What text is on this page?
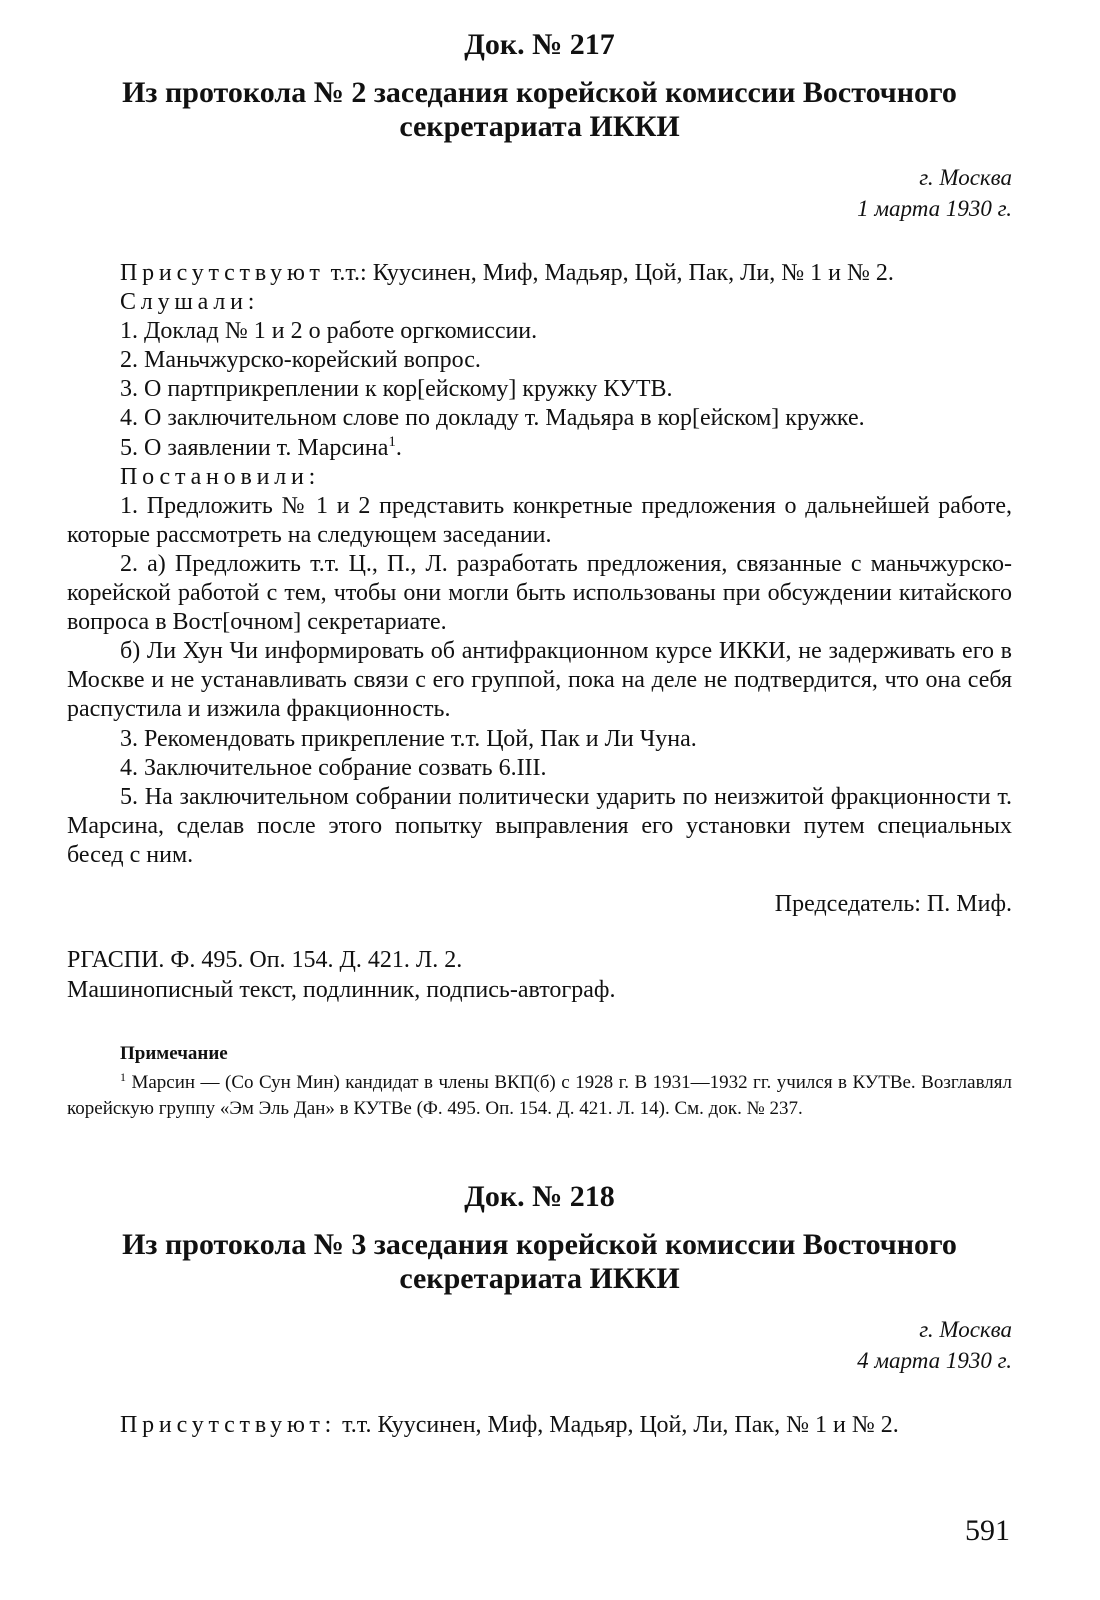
Док. № 217
Из протокола № 2 заседания корейской комиссии Восточного
секретариата ИККИ
г. Москва
1 марта 1930 г.

Присутствуют т.т.: Куусинен, Миф, Мадьяр, Цой, Пак, Ли, № 1 и № 2.

Слушали:

1. Доклад № 1 и 2 о работе оргкомиссии.

2. Маньчжурско-корейский вопрос.

3. О партприкреплении к кор[ейскому] кружку КУТВ.

4. О заключительном слове по докладу т. Мадьяра в кор[ейском] кружке.

5. О заявлении т. Марсина$^1$.

Постановили:

1. Предложить № 1 и 2 представить конкретные предложения о дальнейшей работе, которые рассмотреть на следующем заседании.

2. а) Предложить т.т. Ц., П., Л. разработать предложения, связанные с маньчжурско-корейской работой с тем, чтобы они могли быть использованы при обсуждении китайского вопроса в Вост[очном] секретариате.

б) Ли Хун Чи информировать об антифракционном курсе ИККИ, не задерживать его в Москве и не устанавливать связи с его группой, пока на деле не подтвердится, что она себя распустила и изжила фракционность.

3. Рекомендовать прикрепление т.т. Цой, Пак и Ли Чуна.

4. Заключительное собрание созвать 6.III.

5. На заключительном собрании политически ударить по неизжитой фракционности т. Марсина, сделав после этого попытку выправления его установки путем специальных бесед с ним.

Председатель: П. Миф.
РГАСПИ. Ф. 495. Оп. 154. Д. 421. Л. 2.
Машинописный текст, подлинник, подпись-автограф.
Примечание

$^1$ Марсин — (Со Сун Мин) кандидат в члены ВКП(б) с 1928 г. В 1931—1932 гг. учился в КУТВе. Возглавлял корейскую группу «Эм Эль Дан» в КУТВе (Ф. 495. Оп. 154. Д. 421. Л. 14). См. док. № 237.

Док. № 218
Из протокола № 3 заседания корейской комиссии Восточного
секретариата ИККИ
г. Москва
4 марта 1930 г.

Присутствуют: т.т. Куусинен, Миф, Мадьяр, Цой, Ли, Пак, № 1 и № 2.

591
